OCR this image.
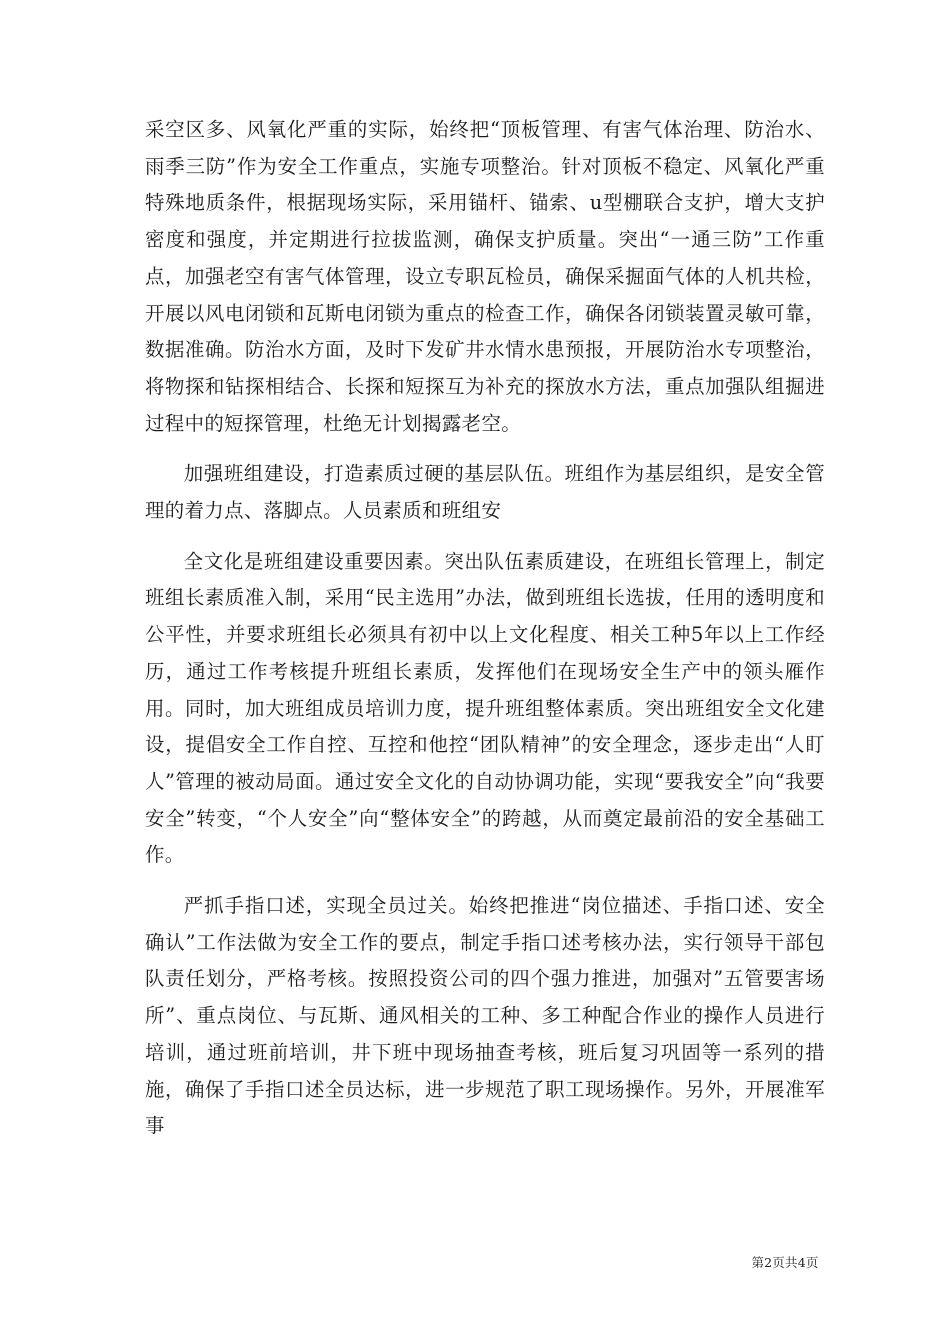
采空区多、风氧化严重的实际，始终把“顶板管理、有害气体治理、防治水、雨季三防”作为安全工作重点，实施专项整治。针对顶板不稳定、风氧化严重特殊地质条件，根据现场实际，采用锚杆、锚索、u型棚联合支护，增大支护密度和强度，并定期进行拉拔监测，确保支护质量。突出“一通三防”工作重点，加强老空有害气体管理，设立专职瓦检员，确保采掘面气体的人机共检，开展以风电闭锁和瓦斯电闭锁为重点的检查工作，确保各闭锁装置灵敏可靠，数据准确。防治水方面，及时下发矿井水情水患预报，开展防治水专项整治，将物探和钻探相结合、长探和短探互为补充的探放水方法，重点加强队组掘进过程中的短探管理，杜绝无计划揭露老空。

加强班组建设，打造素质过硬的基层队伍。班组作为基层组织，是安全管理的着力点、落脚点。人员素质和班组安

全文化是班组建设重要因素。突出队伍素质建设，在班组长管理上，制定班组长素质准入制，采用“民主选用”办法，做到班组长选拔，任用的透明度和公平性，并要求班组长必须具有初中以上文化程度、相关工种5年以上工作经历，通过工作考核提升班组长素质，发挥他们在现场安全生产中的领头雁作用。同时，加大班组成员培训力度，提升班组整体素质。突出班组安全文化建设，提倡安全工作自控、互控和他控“团队精神”的安全理念，逐步走出“人盯人”管理的被动局面。通过安全文化的自动协调功能，实现“要我安全”向“我要安全”转变，“个人安全”向“整体安全”的跨越，从而奠定最前沿的安全基础工作。

严抓手指口述，实现全员过关。始终把推进“岗位描述、手指口述、安全确认”工作法做为安全工作的要点，制定手指口述考核办法，实行领导干部包队责任划分，严格考核。按照投资公司的四个强力推进，加强对”五管要害场所”、重点岗位、与瓦斯、通风相关的工种、多工种配合作业的操作人员进行培训，通过班前培训，井下班中现场抽查考核，班后复习巩固等一系列的措施，确保了手指口述全员达标，进一步规范了职工现场操作。另外，开展准军事

第2页共4页
